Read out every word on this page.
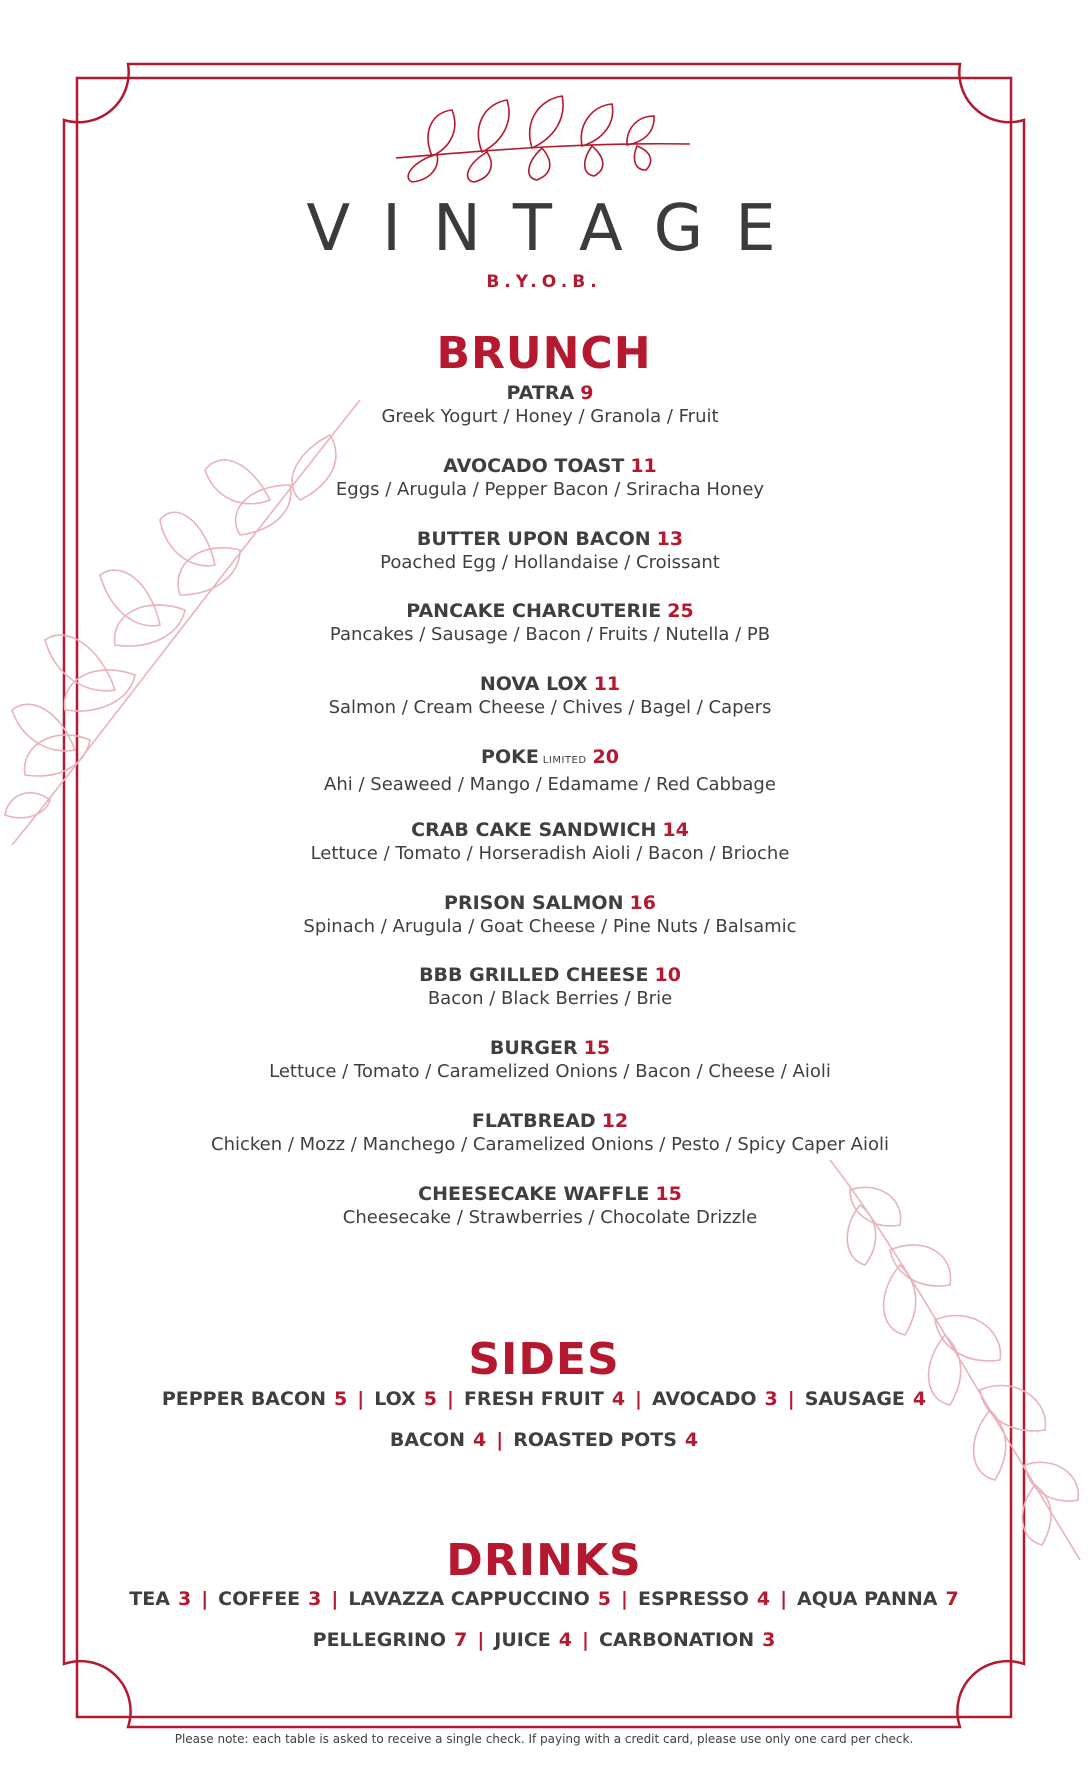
VINTAGE
B.Y.O.B.
BRUNCH
PATRA 9
Greek Yogurt / Honey / Granola / Fruit
AVOCADO TOAST 11
Eggs / Arugula / Pepper Bacon / Sriracha Honey
BUTTER UPON BACON 13
Poached Egg / Hollandaise / Croissant
PANCAKE CHARCUTERIE 25
Pancakes / Sausage / Bacon / Fruits / Nutella / PB
NOVA LOX 11
Salmon / Cream Cheese / Chives / Bagel / Capers
POKE LIMITED 20
Ahi / Seaweed / Mango / Edamame / Red Cabbage
CRAB CAKE SANDWICH 14
Lettuce / Tomato / Horseradish Aioli / Bacon / Brioche
PRISON SALMON 16
Spinach / Arugula / Goat Cheese / Pine Nuts / Balsamic
BBB GRILLED CHEESE 10
Bacon / Black Berries / Brie
BURGER 15
Lettuce / Tomato / Caramelized Onions / Bacon / Cheese / Aioli
FLATBREAD 12
Chicken / Mozz / Manchego / Caramelized Onions / Pesto / Spicy Caper Aioli
CHEESECAKE WAFFLE 15
Cheesecake / Strawberries / Chocolate Drizzle
SIDES
PEPPER BACON 5 | LOX 5 | FRESH FRUIT 4 | AVOCADO 3 | SAUSAGE 4
BACON 4 | ROASTED POTS 4
DRINKS
TEA 3 | COFFEE 3 | LAVAZZA CAPPUCCINO 5 | ESPRESSO 4 | AQUA PANNA 7
PELLEGRINO 7 | JUICE 4 | CARBONATION 3
Please note: each table is asked to receive a single check. If paying with a credit card, please use only one card per check.
